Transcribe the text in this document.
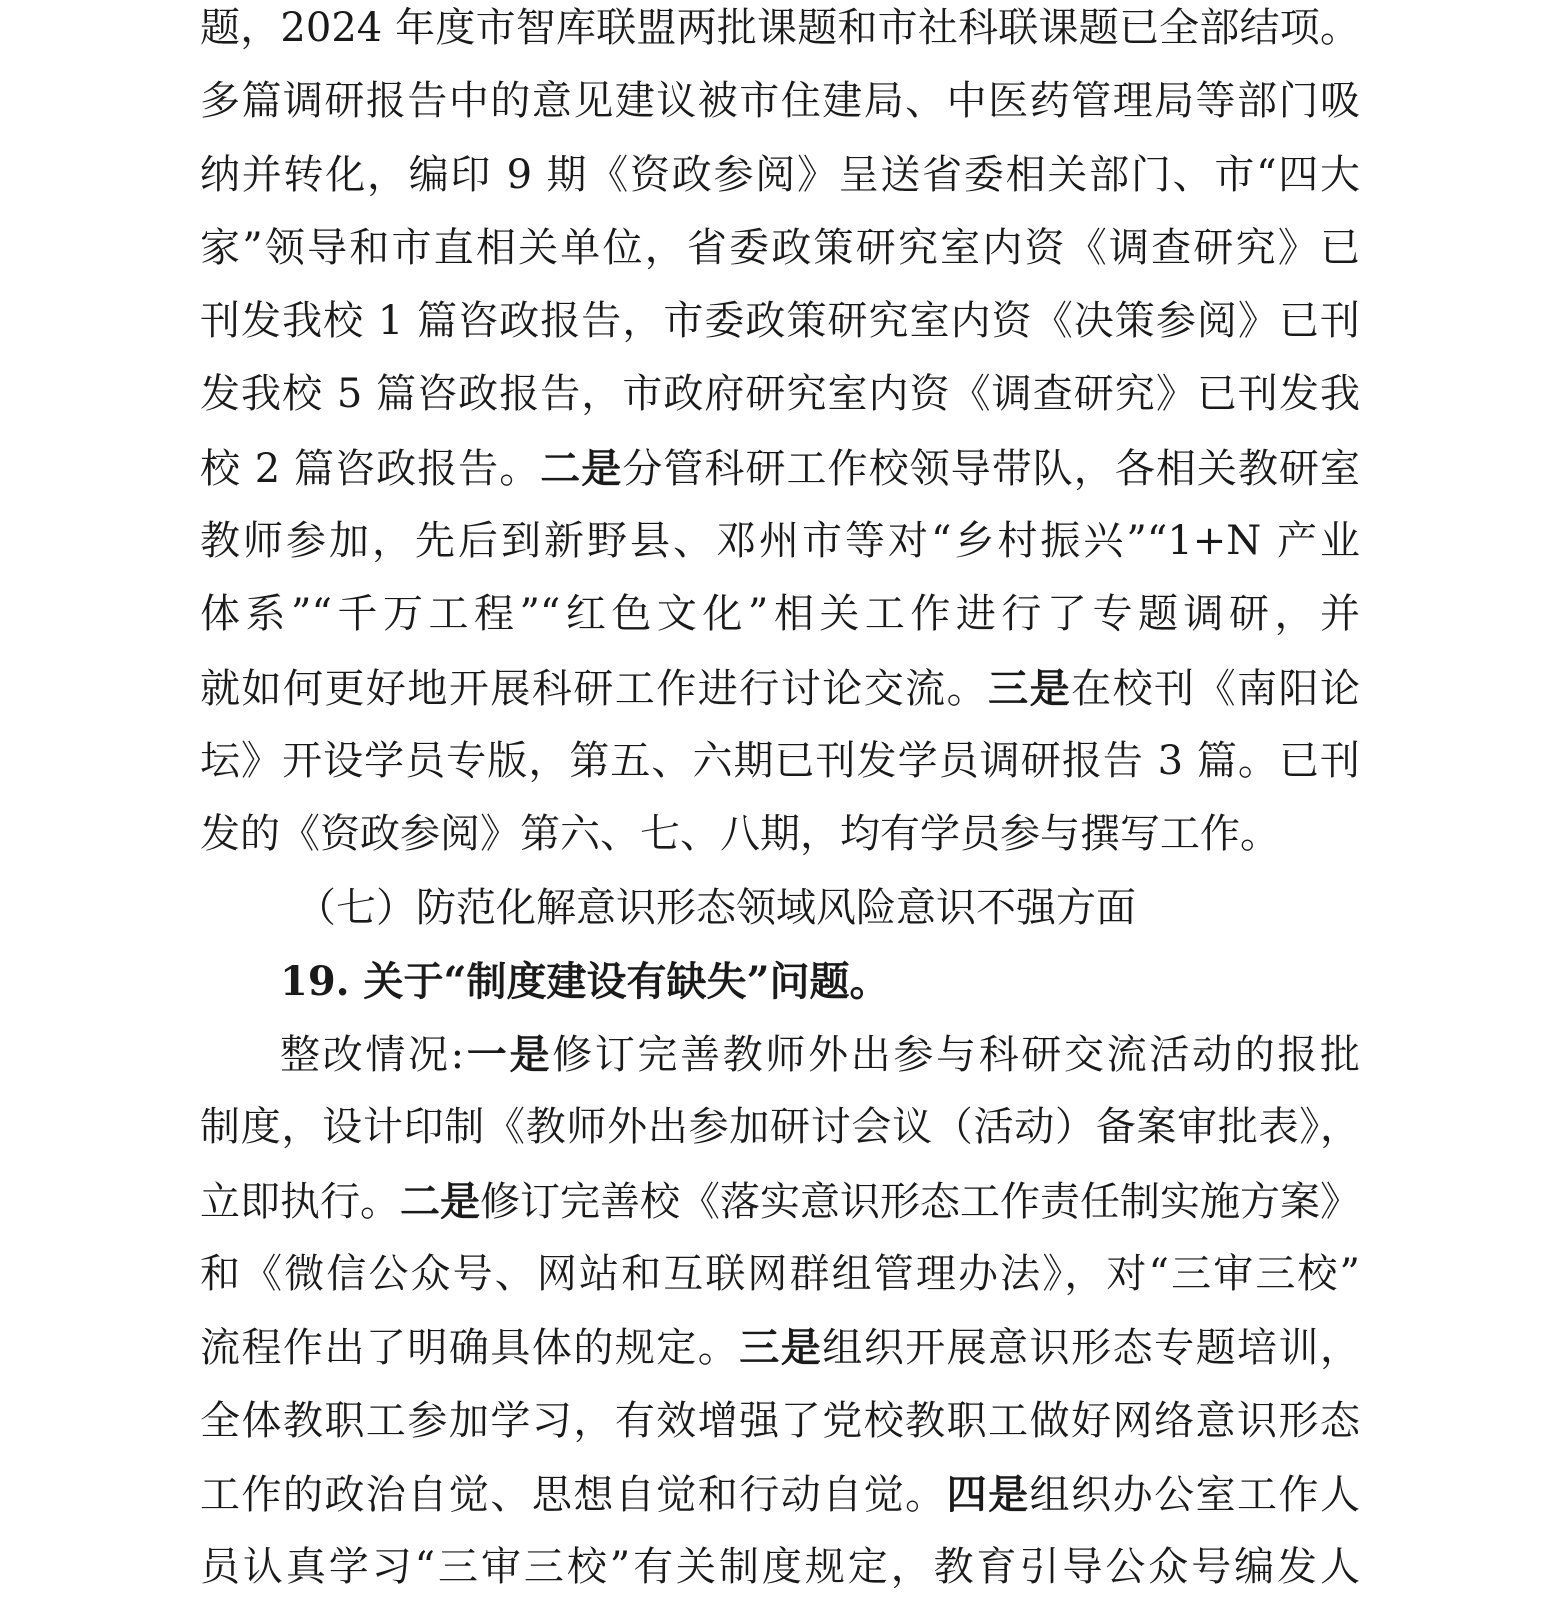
题，2024 年度市智库联盟两批课题和市社科联课题已全部结项。
多篇调研报告中的意见建议被市住建局、中医药管理局等部门吸
纳并转化，编印 9 期《资政参阅》呈送省委相关部门、市“四大
家”领导和市直相关单位，省委政策研究室内资《调查研究》已
刊发我校 1 篇咨政报告，市委政策研究室内资《决策参阅》已刊
发我校 5 篇咨政报告，市政府研究室内资《调查研究》已刊发我
校 2 篇咨政报告。二是分管科研工作校领导带队，各相关教研室
教师参加，先后到新野县、邓州市等对“乡村振兴”“1+N 产业
体系”“千万工程”“红色文化”相关工作进行了专题调研，并
就如何更好地开展科研工作进行讨论交流。三是在校刊《南阳论
坛》开设学员专版，第五、六期已刊发学员调研报告 3 篇。已刊
发的《资政参阅》第六、七、八期，均有学员参与撰写工作。
（七）防范化解意识形态领域风险意识不强方面
19. 关于“制度建设有缺失”问题。
整改情况:一是修订完善教师外出参与科研交流活动的报批
制度，设计印制《教师外出参加研讨会议（活动）备案审批表》，
立即执行。二是修订完善校《落实意识形态工作责任制实施方案》
和《微信公众号、网站和互联网群组管理办法》，对“三审三校”
流程作出了明确具体的规定。三是组织开展意识形态专题培训，
全体教职工参加学习，有效增强了党校教职工做好网络意识形态
工作的政治自觉、思想自觉和行动自觉。四是组织办公室工作人
员认真学习“三审三校”有关制度规定，教育引导公众号编发人
